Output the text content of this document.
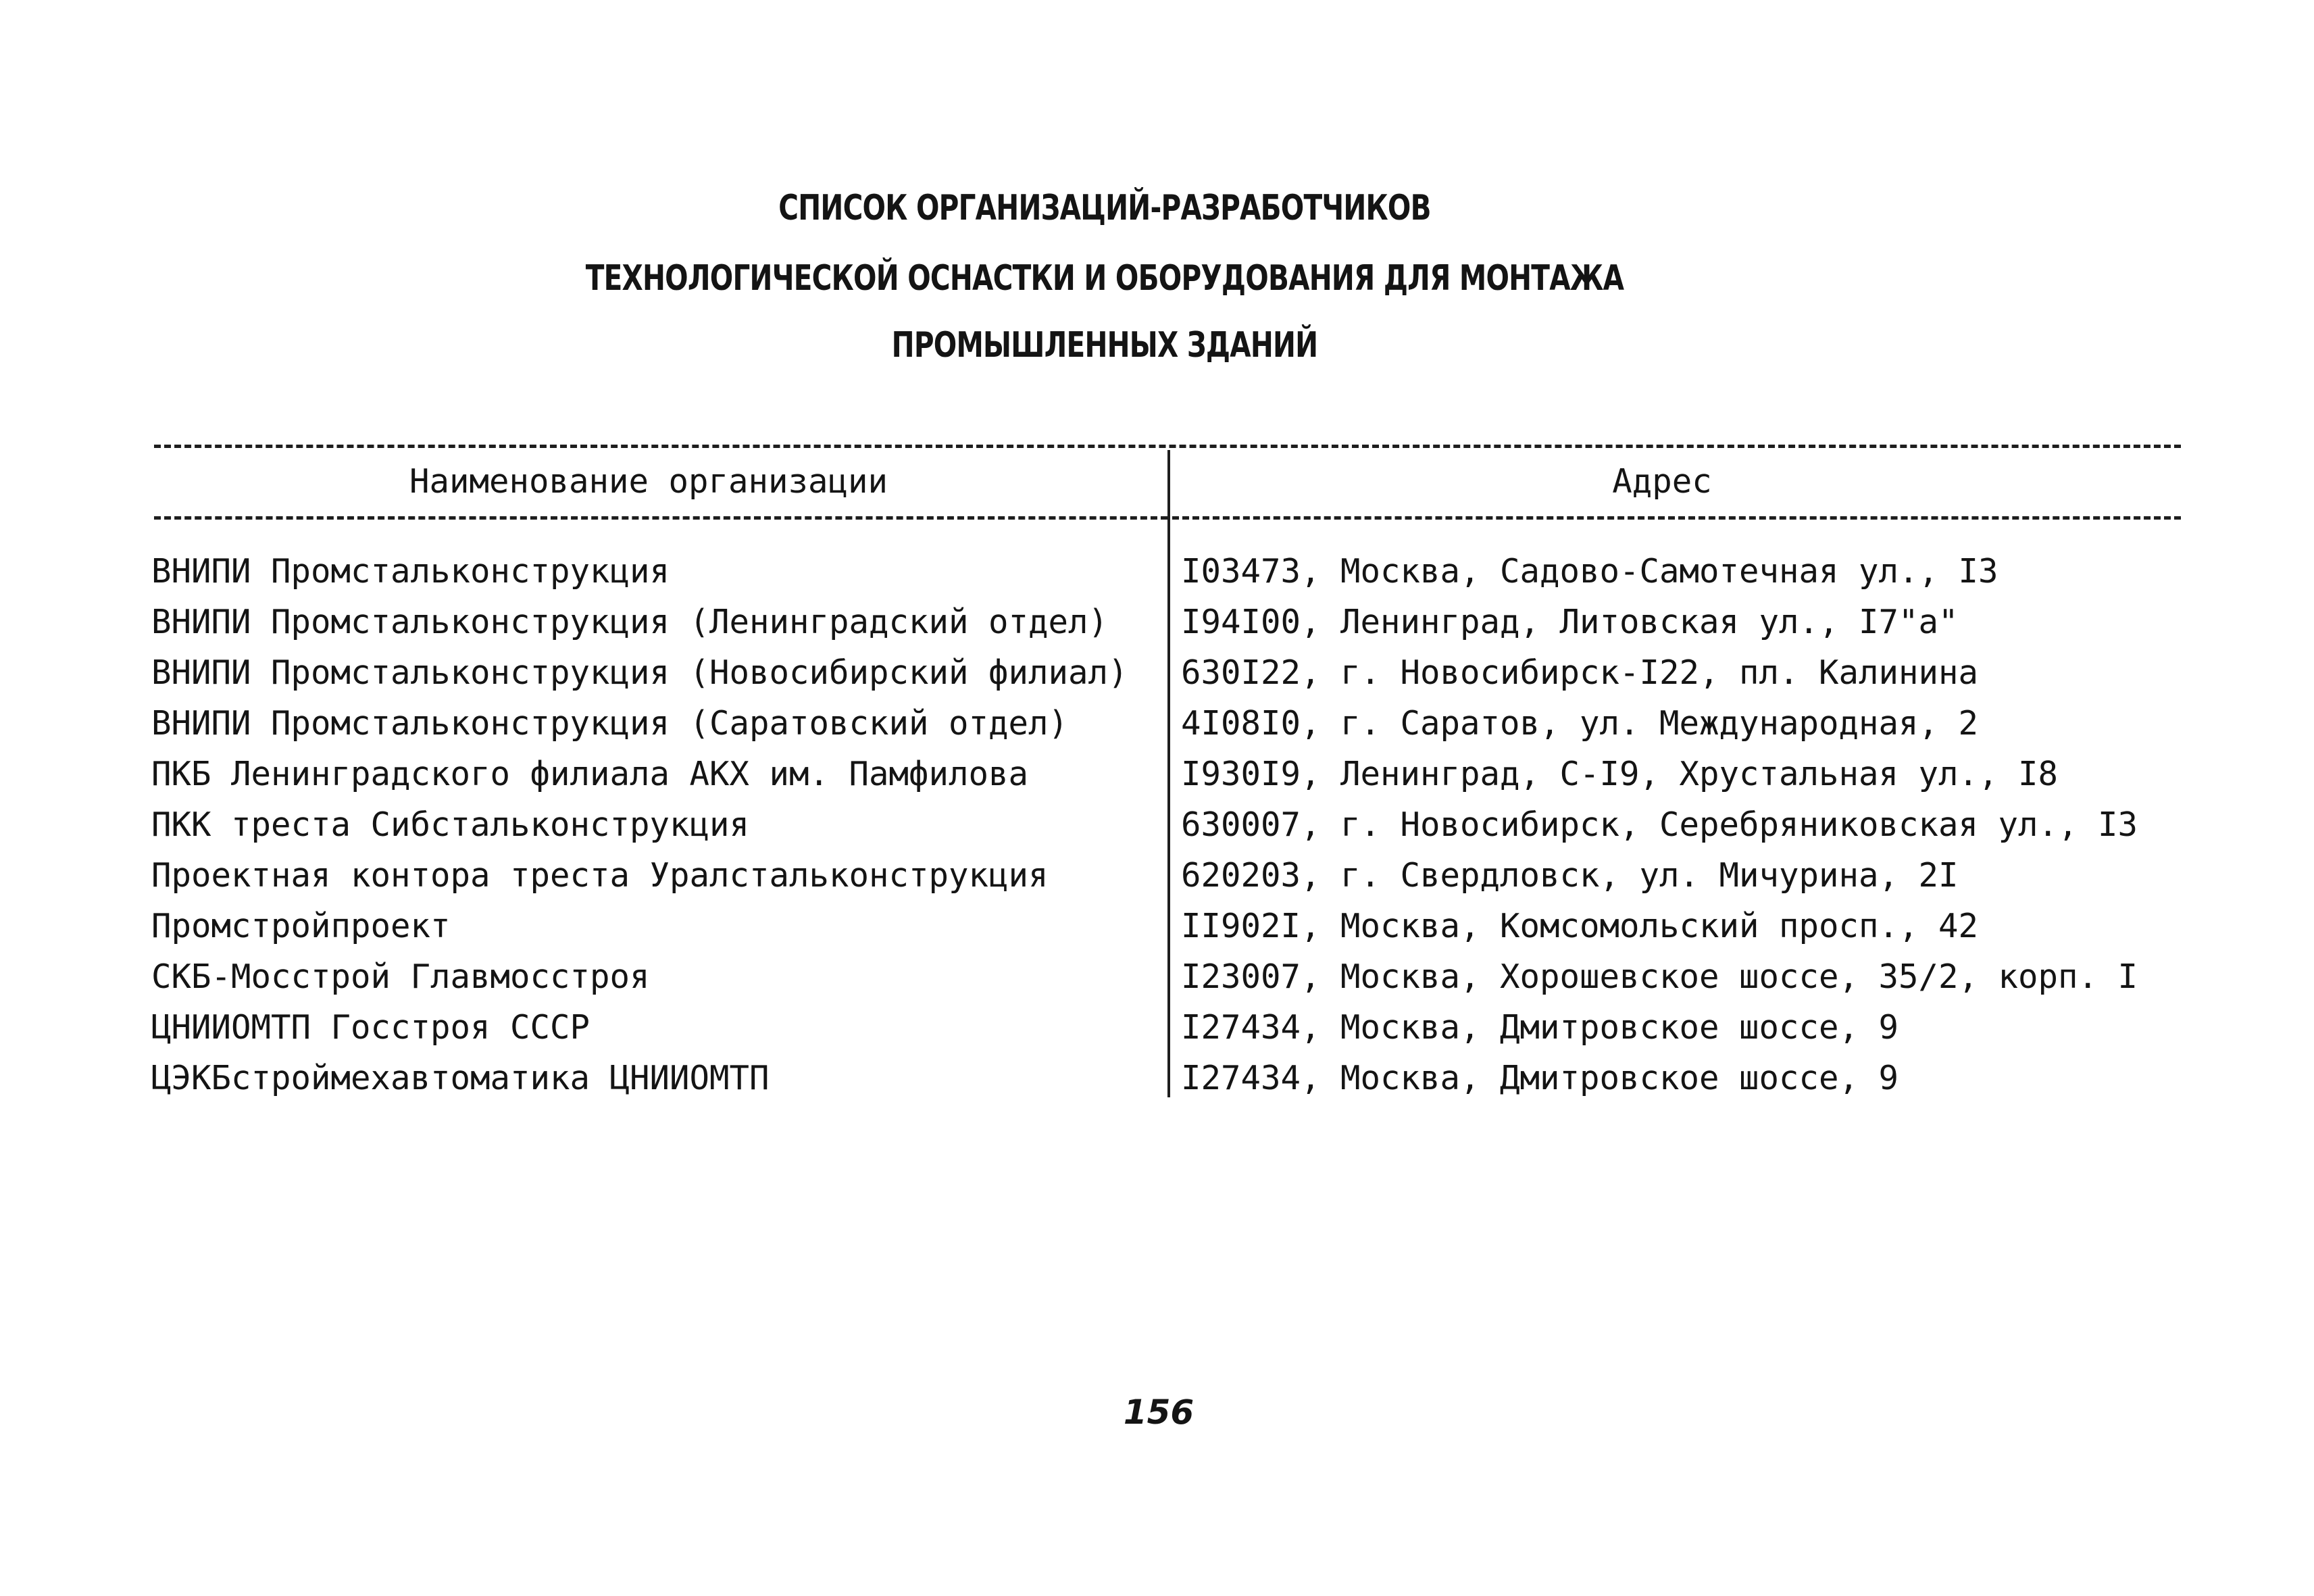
СПИСОК ОРГАНИЗАЦИЙ-РАЗРАБОТЧИКОВ
ТЕХНОЛОГИЧЕСКОЙ ОСНАСТКИ И ОБОРУДОВАНИЯ ДЛЯ МОНТАЖА
ПРОМЫШЛЕННЫХ ЗДАНИЙ
Наименование организации	Адрес
ВНИПИ Промстальконструкция	I03473, Москва, Садово-Самотечная ул., I3
ВНИПИ Промстальконструкция (Ленинградский отдел)	I94I00, Ленинград, Литовская ул., I7"а"
ВНИПИ Промстальконструкция (Новосибирский филиал)	630I22, г. Новосибирск-I22, пл. Калинина
ВНИПИ Промстальконструкция (Саратовский отдел)	4I08I0, г. Саратов, ул. Международная, 2
ПКБ Ленинградского филиала АКХ им. Памфилова	I930I9, Ленинград, С-I9, Хрустальная ул., I8
ПКК треста Сибстальконструкция	630007, г. Новосибирск, Серебряниковская ул., I3
Проектная контора треста Уралстальконструкция	620203, г. Свердловск, ул. Мичурина, 2I
Промстройпроект	II902I, Москва, Комсомольский просп., 42
СКБ-Мосстрой Главмосстроя	I23007, Москва, Хорошевское шоссе, 35/2, корп. I
ЦНИИОМТП Госстроя СССР	I27434, Москва, Дмитровское шоссе, 9
ЦЭКБстроймехавтоматика ЦНИИОМТП	I27434, Москва, Дмитровское шоссе, 9
156
